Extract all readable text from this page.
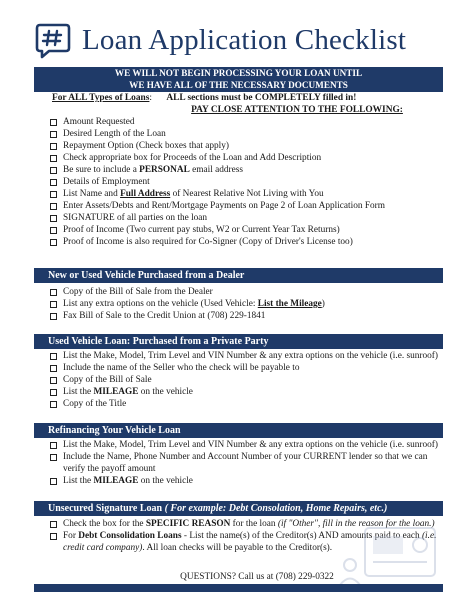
Loan Application Checklist
WE WILL NOT BEGIN PROCESSING YOUR LOAN UNTIL
WE HAVE ALL OF THE NECESSARY DOCUMENTS
For ALL Types of Loans: ALL sections must be COMPLETELY filled in!
PAY CLOSE ATTENTION TO THE FOLLOWING:
Amount Requested
Desired Length of the Loan
Repayment Option (Check boxes that apply)
Check appropriate box for Proceeds of the Loan and Add Description
Be sure to include a PERSONAL email address
Details of Employment
List Name and Full Address of Nearest Relative Not Living with You
Enter Assets/Debts and Rent/Mortgage Payments on Page 2 of Loan Application Form
SIGNATURE of all parties on the loan
Proof of Income (Two current pay stubs, W2 or Current Year Tax Returns)
Proof of Income is also required for Co-Signer (Copy of Driver's License too)
New or Used Vehicle Purchased from a Dealer
Copy of the Bill of Sale from the Dealer
List any extra options on the vehicle (Used Vehicle: List the Mileage)
Fax Bill of Sale to the Credit Union at (708) 229-1841
Used Vehicle Loan: Purchased from a Private Party
List the Make, Model, Trim Level and VIN Number & any extra options on the vehicle (i.e. sunroof)
Include the name of the Seller who the check will be payable to
Copy of the Bill of Sale
List the MILEAGE on the vehicle
Copy of the Title
Refinancing Your Vehicle Loan
List the Make, Model, Trim Level and VIN Number & any extra options on the vehicle (i.e. sunroof)
Include the Name, Phone Number and Account Number of your CURRENT lender so that we can verify the payoff amount
List the MILEAGE on the vehicle
Unsecured Signature Loan ( For example: Debt Consolation, Home Repairs, etc.)
Check the box for the SPECIFIC REASON for the loan (if "Other", fill in the reason for the loan.)
For Debt Consolidation Loans - List the name(s) of the Creditor(s) AND amounts paid to each (i.e. credit card company). All loan checks will be payable to the Creditor(s).
QUESTIONS? Call us at (708) 229-0322
